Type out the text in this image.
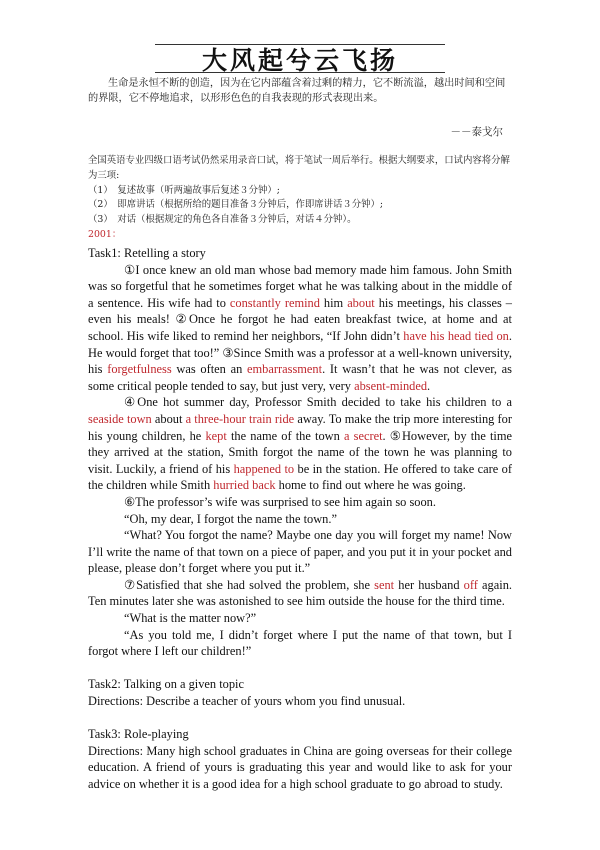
大风起兮云飞扬
生命是永恒不断的创造，因为在它内部蕴含着过剩的精力，它不断流溢，越出时间和空间的界限，它不停地追求，以形形色色的自我表现的形式表现出来。
－－泰戈尔

全国英语专业四级口语考试仍然采用录音口试，将于笔试一周后举行。根据大纲要求，口试内容将分解为三项:

（1）　复述故事（听两遍故事后复述３分钟）;

（2）　即席讲话（根据所给的题目准备３分钟后，作即席讲话３分钟）;

（3）　对话（根据规定的角色各自准备３分钟后，对话４分钟）。

2001：

Task1: Retelling a story

①I once knew an old man whose bad memory made him famous. John Smith was so forgetful that he sometimes forget what he was talking about in the middle of a sentence. His wife had to constantly remind him about his meetings, his classes – even his meals! ②Once he forgot he had eaten breakfast twice, at home and at school. His wife liked to remind her neighbors, “If John didn’t have his head tied on. He would forget that too!” ③Since Smith was a professor at a well-known university, his forgetfulness was often an embarrassment. It wasn’t that he was not clever, as some critical people tended to say, but just very, very absent-minded.

④One hot summer day, Professor Smith decided to take his children to a seaside town about a three-hour train ride away. To make the trip more interesting for his young children, he kept the name of the town a secret. ⑤However, by the time they arrived at the station, Smith forgot the name of the town he was planning to visit. Luckily, a friend of his happened to be in the station. He offered to take care of the children while Smith hurried back home to find out where he was going.

⑥The professor’s wife was surprised to see him again so soon.

“Oh, my dear, I forgot the name the town.”

“What? You forgot the name? Maybe one day you will forget my name! Now I’ll write the name of that town on a piece of paper, and you put it in your pocket and please, please don’t forget where you put it.”

⑦Satisfied that she had solved the problem, she sent her husband off again. Ten minutes later she was astonished to see him outside the house for the third time.

“What is the matter now?”

“As you told me, I didn’t forget where I put the name of that town, but I forgot where I left our children!”

Task2: Talking on a given topic

Directions: Describe a teacher of yours whom you find unusual.

Task3: Role-playing

Directions: Many high school graduates in China are going overseas for their college education. A friend of yours is graduating this year and would like to ask for your advice on whether it is a good idea for a high school graduate to go abroad to study.
